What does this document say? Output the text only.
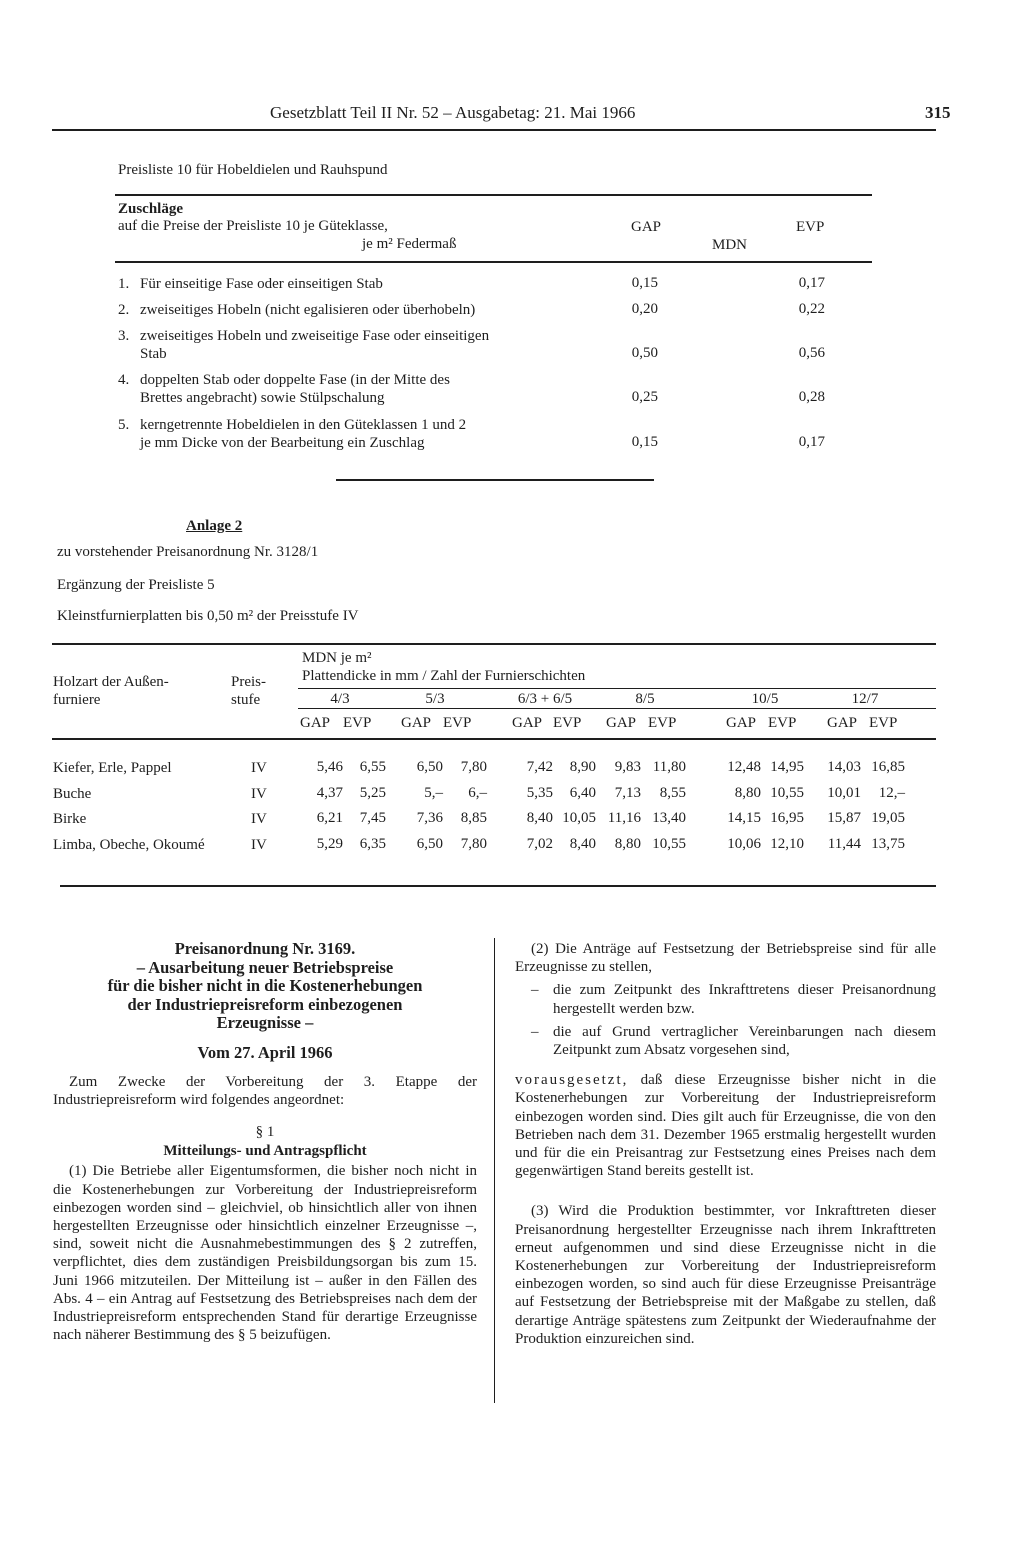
Gesetzblatt Teil II Nr. 52 – Ausgabetag: 21. Mai 1966	315
Preisliste 10 für Hobeldielen und Rauhspund
Zuschläge
auf die Preise der Preisliste 10 je Güteklasse,
je m² Federmaß
GAP
MDN
EVP
1. Für einseitige Fase oder einseitigen Stab	0,15	0,17
2. zweiseitiges Hobeln (nicht egalisieren oder überhobeln)	0,20	0,22
3. zweiseitiges Hobeln und zweiseitige Fase oder einseitigen
Stab	0,50	0,56
4. doppelten Stab oder doppelte Fase (in der Mitte des
Brettes angebracht) sowie Stülpschalung	0,25	0,28
5. kerngetrennte Hobeldielen in den Güteklassen 1 und 2
je mm Dicke von der Bearbeitung ein Zuschlag	0,15	0,17
Anlage 2
zu vorstehender Preisanordnung Nr. 3128/1
Ergänzung der Preisliste 5
Kleinstfurnierplatten bis 0,50 m² der Preisstufe IV
Holzart der Außen-
furniere
Preis-
stufe
MDN je m²
Plattendicke in mm / Zahl der Furnierschichten
4/3	5/3	6/3 + 6/5	8/5	10/5	12/7
GAP EVP GAP EVP	GAP EVP GAP EVP	GAP EVP GAP EVP
Kiefer, Erle, Pappel	IV	5,46	6,55	6,50	7,80	7,42	8,90	9,83 11,80	12,48 14,95	14,03 16,85
Buche	IV	4,37	5,25	5,–	6,–	5,35	6,40	7,13	8,55	8,80 10,55	10,01	12,–
Birke	IV	6,21	7,45	7,36	8,85	8,40 10,05 11,16 13,40	14,15 16,95	15,87 19,05
Limba, Obeche, Okoumé	IV	5,29	6,35	6,50	7,80	7,02	8,40	8,80 10,55	10,06 12,10	11,44 13,75
Preisanordnung Nr. 3169.
– Ausarbeitung neuer Betriebspreise
für die bisher nicht in die Kostenerhebungen
der Industriepreisreform einbezogenen
Erzeugnisse –
Vom 27. April 1966
Zum Zwecke der Vorbereitung der 3. Etappe der Industriepreisreform wird folgendes angeordnet:
§ 1
Mitteilungs- und Antragspflicht
(1) Die Betriebe aller Eigentumsformen, die bisher noch nicht in die Kostenerhebungen zur Vorbereitung der Industriepreisreform einbezogen worden sind – gleichviel, ob hinsichtlich aller von ihnen hergestellten Erzeugnisse oder hinsichtlich einzelner Erzeugnisse –, sind, soweit nicht die Ausnahmebestimmungen des § 2 zutreffen, verpflichtet, dies dem zuständigen Preisbildungsorgan bis zum 15. Juni 1966 mitzuteilen. Der Mitteilung ist – außer in den Fällen des Abs. 4 – ein Antrag auf Festsetzung des Betriebspreises nach dem der Industriepreisreform entsprechenden Stand für derartige Erzeugnisse nach näherer Bestimmung des § 5 beizufügen.
(2) Die Anträge auf Festsetzung der Betriebspreise sind für alle Erzeugnisse zu stellen,
– die zum Zeitpunkt des Inkrafttretens dieser Preisanordnung hergestellt werden bzw.
– die auf Grund vertraglicher Vereinbarungen nach diesem Zeitpunkt zum Absatz vorgesehen sind,
vorausgesetzt, daß diese Erzeugnisse bisher nicht in die Kostenerhebungen zur Vorbereitung der Industriepreisreform einbezogen worden sind. Dies gilt auch für Erzeugnisse, die von den Betrieben nach dem 31. Dezember 1965 erstmalig hergestellt wurden und für die ein Preisantrag zur Festsetzung eines Preises nach dem gegenwärtigen Stand bereits gestellt ist.
(3) Wird die Produktion bestimmter, vor Inkrafttreten dieser Preisanordnung hergestellter Erzeugnisse nach ihrem Inkrafttreten erneut aufgenommen und sind diese Erzeugnisse nicht in die Kostenerhebungen zur Vorbereitung der Industriepreisreform einbezogen worden, so sind auch für diese Erzeugnisse Preisanträge auf Festsetzung der Betriebspreise mit der Maßgabe zu stellen, daß derartige Anträge spätestens zum Zeitpunkt der Wiederaufnahme der Produktion einzureichen sind.
